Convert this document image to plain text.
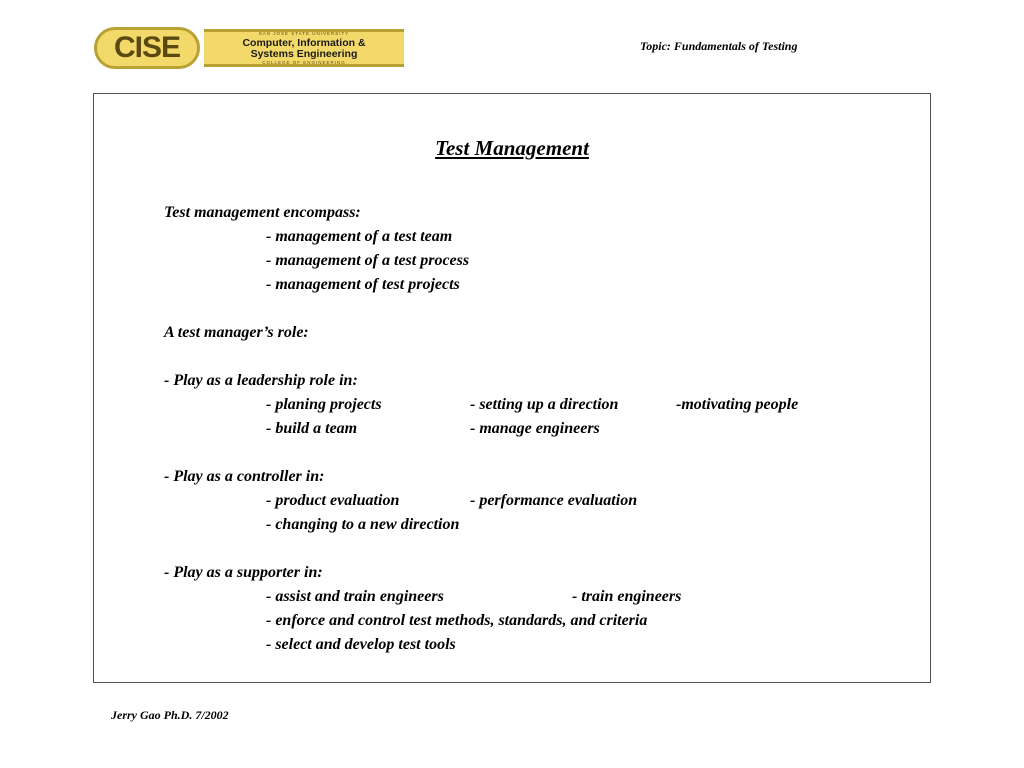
CISE	SAN JOSE STATE UNIVERSITY
Computer, Information &
Systems Engineering
COLLEGE OF ENGINEERING
Topic: Fundamentals of Testing
Test Management
Test management encompass:
- management of a test team
- management of a test process
- management of test projects
A test manager’s role:
- Play as a leadership role in:
- planing projects	- setting up a direction	-motivating people
- build a team	- manage engineers
- Play as a controller in:
- product evaluation	- performance evaluation
- changing to a new direction
- Play as a supporter in:
- assist and train engineers	- train engineers
- enforce and control test methods, standards, and criteria
- select and develop test tools
Jerry Gao Ph.D. 7/2002
